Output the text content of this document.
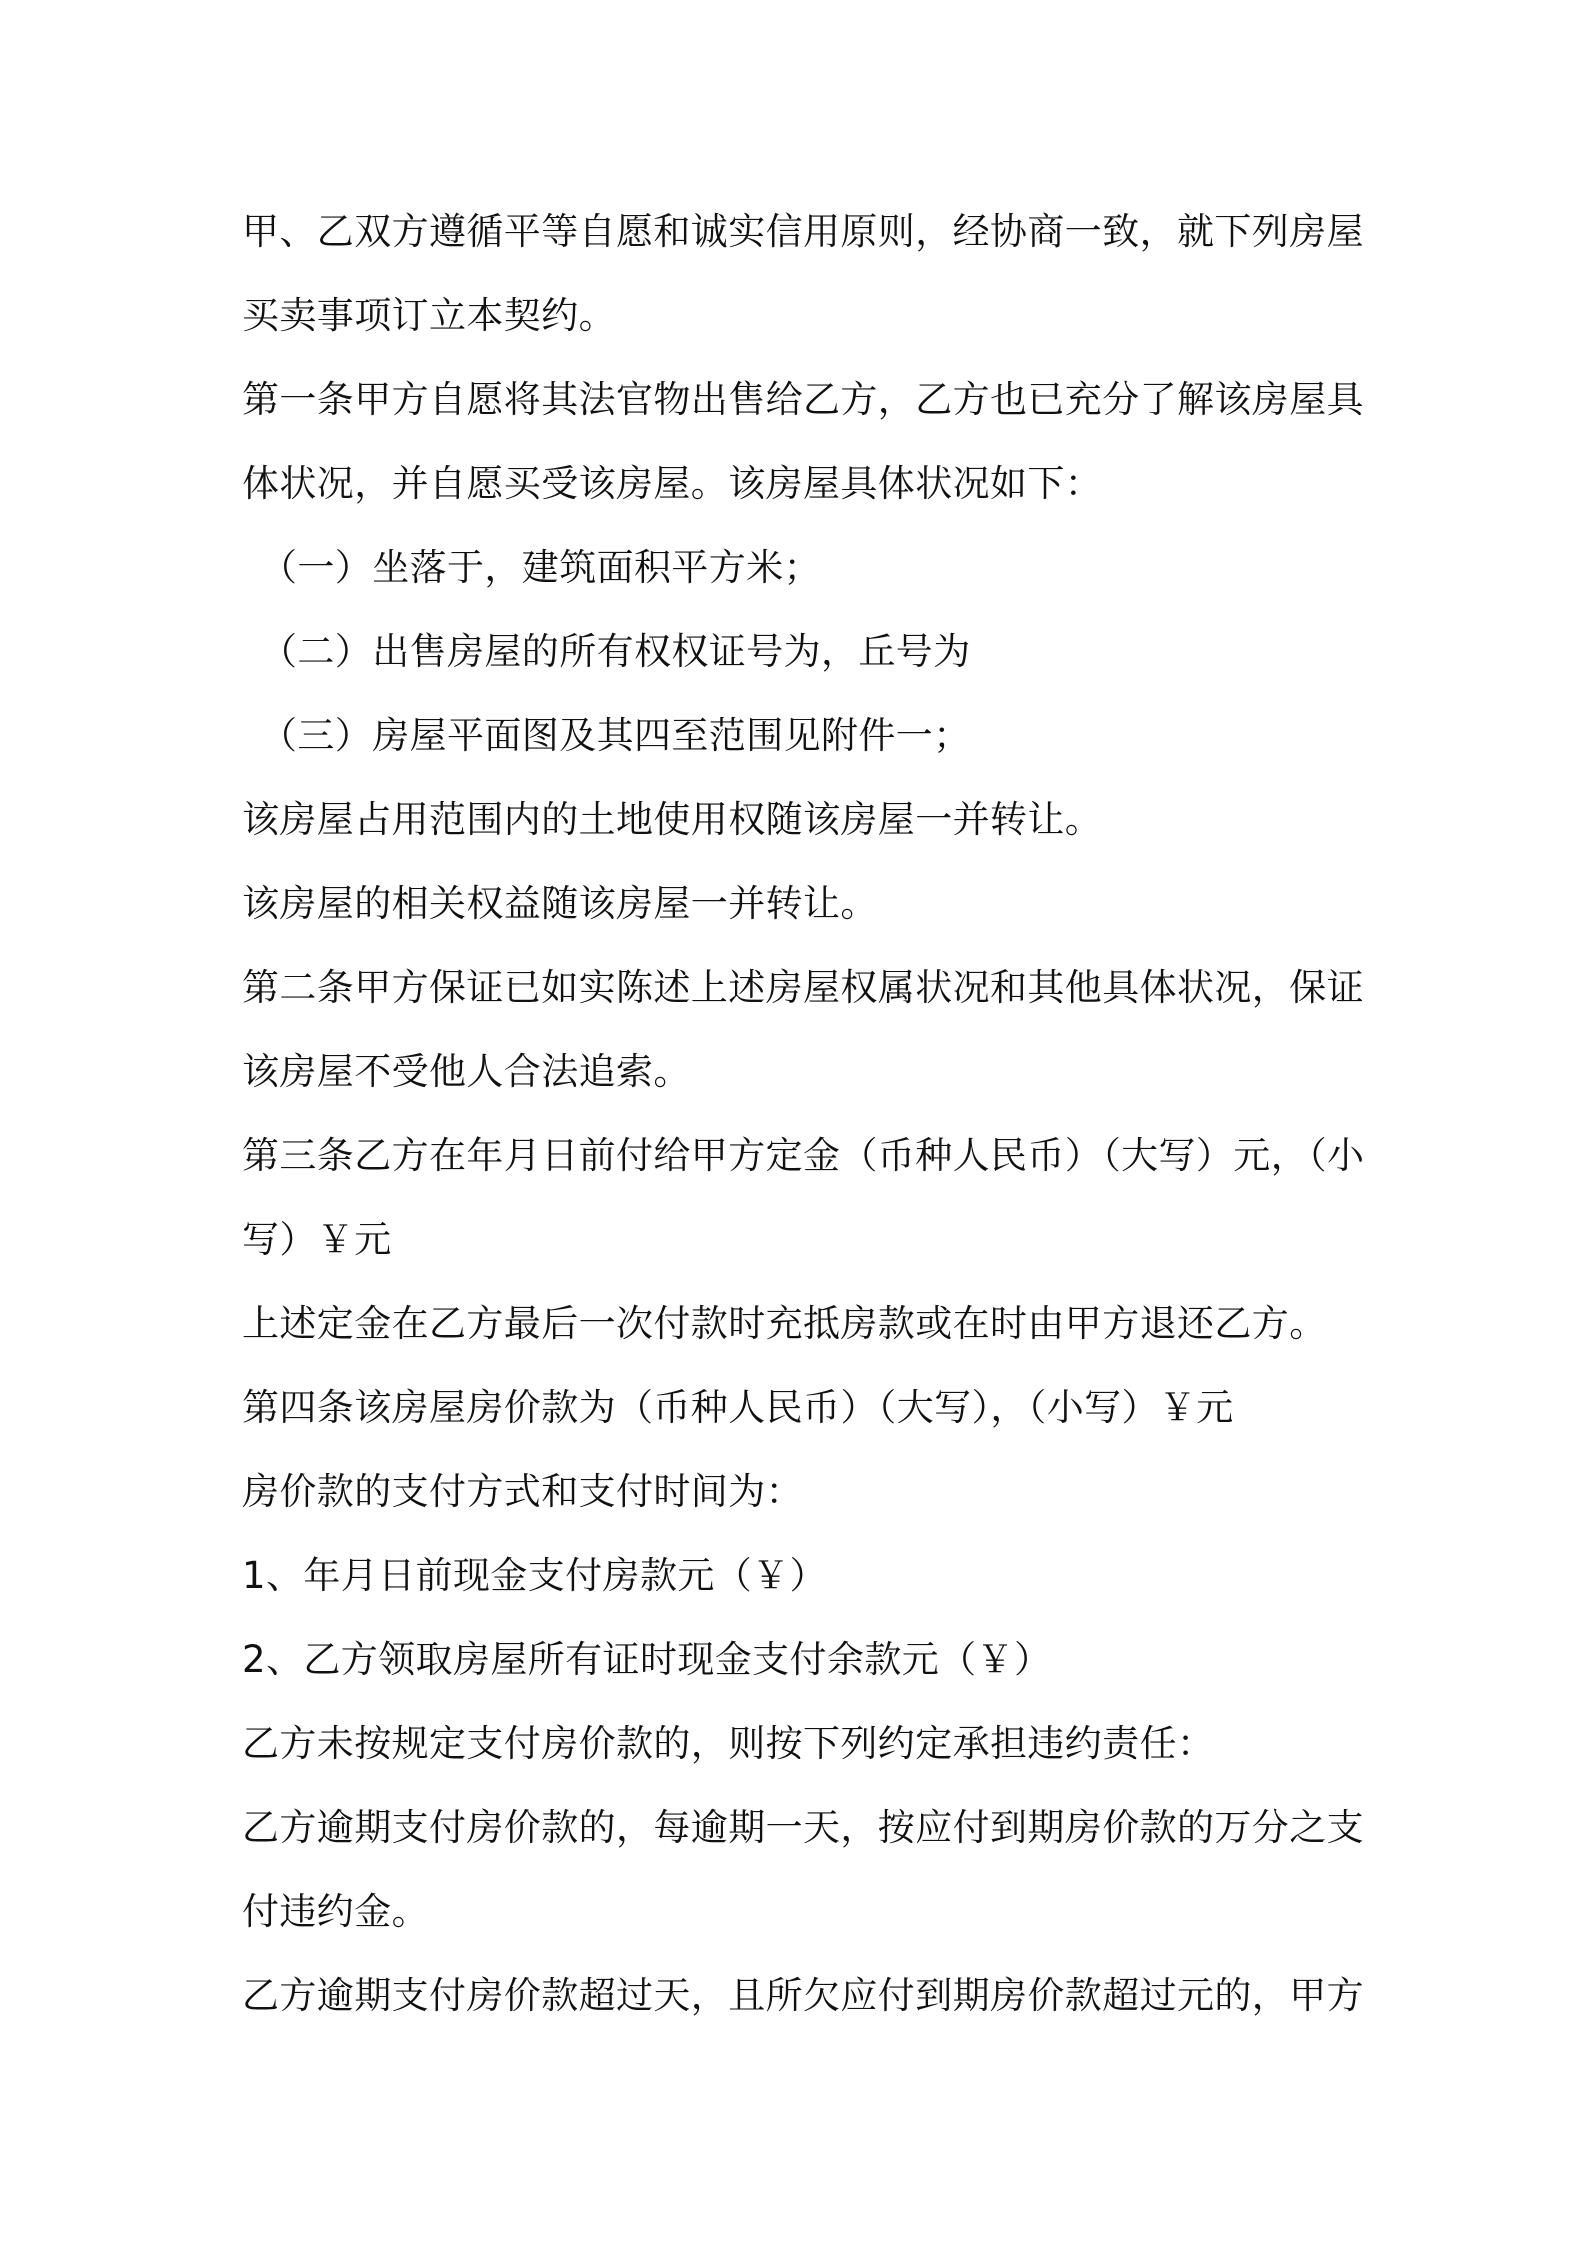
甲、乙双方遵循平等自愿和诚实信用原则，经协商一致，就下列房屋
买卖事项订立本契约。
第一条甲方自愿将其法官物出售给乙方，乙方也已充分了解该房屋具
体状况，并自愿买受该房屋。该房屋具体状况如下：
（一）坐落于，建筑面积平方米；
（二）出售房屋的所有权权证号为，丘号为
（三）房屋平面图及其四至范围见附件一；
该房屋占用范围内的土地使用权随该房屋一并转让。
该房屋的相关权益随该房屋一并转让。
第二条甲方保证已如实陈述上述房屋权属状况和其他具体状况，保证
该房屋不受他人合法追索。
第三条乙方在年月日前付给甲方定金（币种人民币）（大写）元，（小
写）￥元
上述定金在乙方最后一次付款时充抵房款或在时由甲方退还乙方。
第四条该房屋房价款为（币种人民币）（大写），（小写）￥元
房价款的支付方式和支付时间为：
1、年月日前现金支付房款元（￥）
2、乙方领取房屋所有证时现金支付余款元（￥）
乙方未按规定支付房价款的，则按下列约定承担违约责任：
乙方逾期支付房价款的，每逾期一天，按应付到期房价款的万分之支
付违约金。
乙方逾期支付房价款超过天，且所欠应付到期房价款超过元的，甲方
